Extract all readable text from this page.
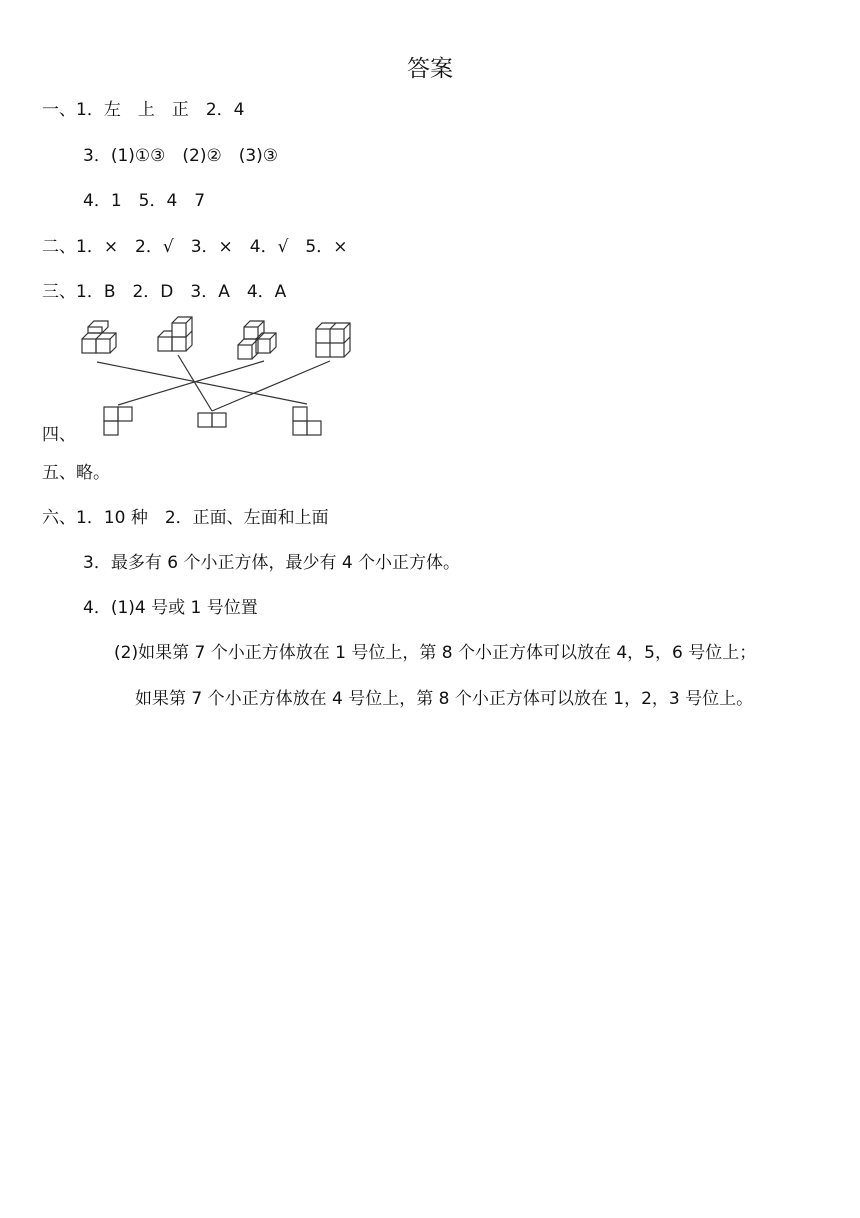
答案
一、1．左　上　正　2．4
3．(1)①③　(2)②　(3)③
4．1　5．4　7
二、1．×　2．√　3．×　4．√　5．×
三、1．B　2．D　3．A　4．A
四、
五、略。
六、1．10 种　2．正面、左面和上面
3．最多有 6 个小正方体，最少有 4 个小正方体。
4．(1)4 号或 1 号位置
(2)如果第 7 个小正方体放在 1 号位上，第 8 个小正方体可以放在 4，5，6 号位上；
如果第 7 个小正方体放在 4 号位上，第 8 个小正方体可以放在 1，2，3 号位上。
